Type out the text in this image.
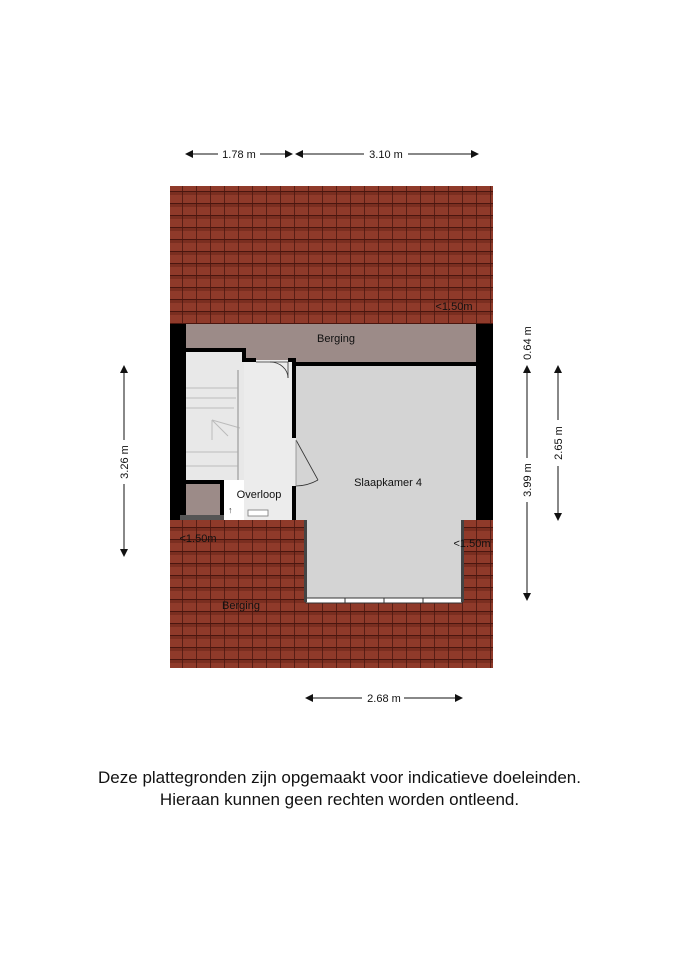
↑
1.78 m	3.10 m
2.68 m
3.26 m
0.64 m
3.99 m
2.65 m
Berging
Slaapkamer 4
Overloop
Berging
<1.50m
<1.50m	<1.50m
Deze plattegronden zijn opgemaakt voor indicatieve doeleinden.
Hieraan kunnen geen rechten worden ontleend.
